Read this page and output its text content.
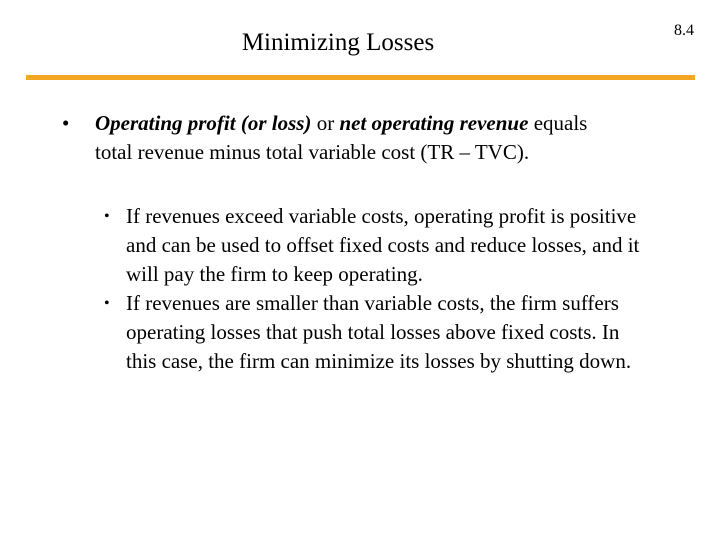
Minimizing Losses	8.4
•	Operating profit (or loss) or net operating revenue equals total revenue minus total variable cost (TR – TVC).
• If revenues exceed variable costs, operating profit is positive and can be used to offset fixed costs and reduce losses, and it will pay the firm to keep operating.
• If revenues are smaller than variable costs, the firm suffers operating losses that push total losses above fixed costs. In this case, the firm can minimize its losses by shutting down.
